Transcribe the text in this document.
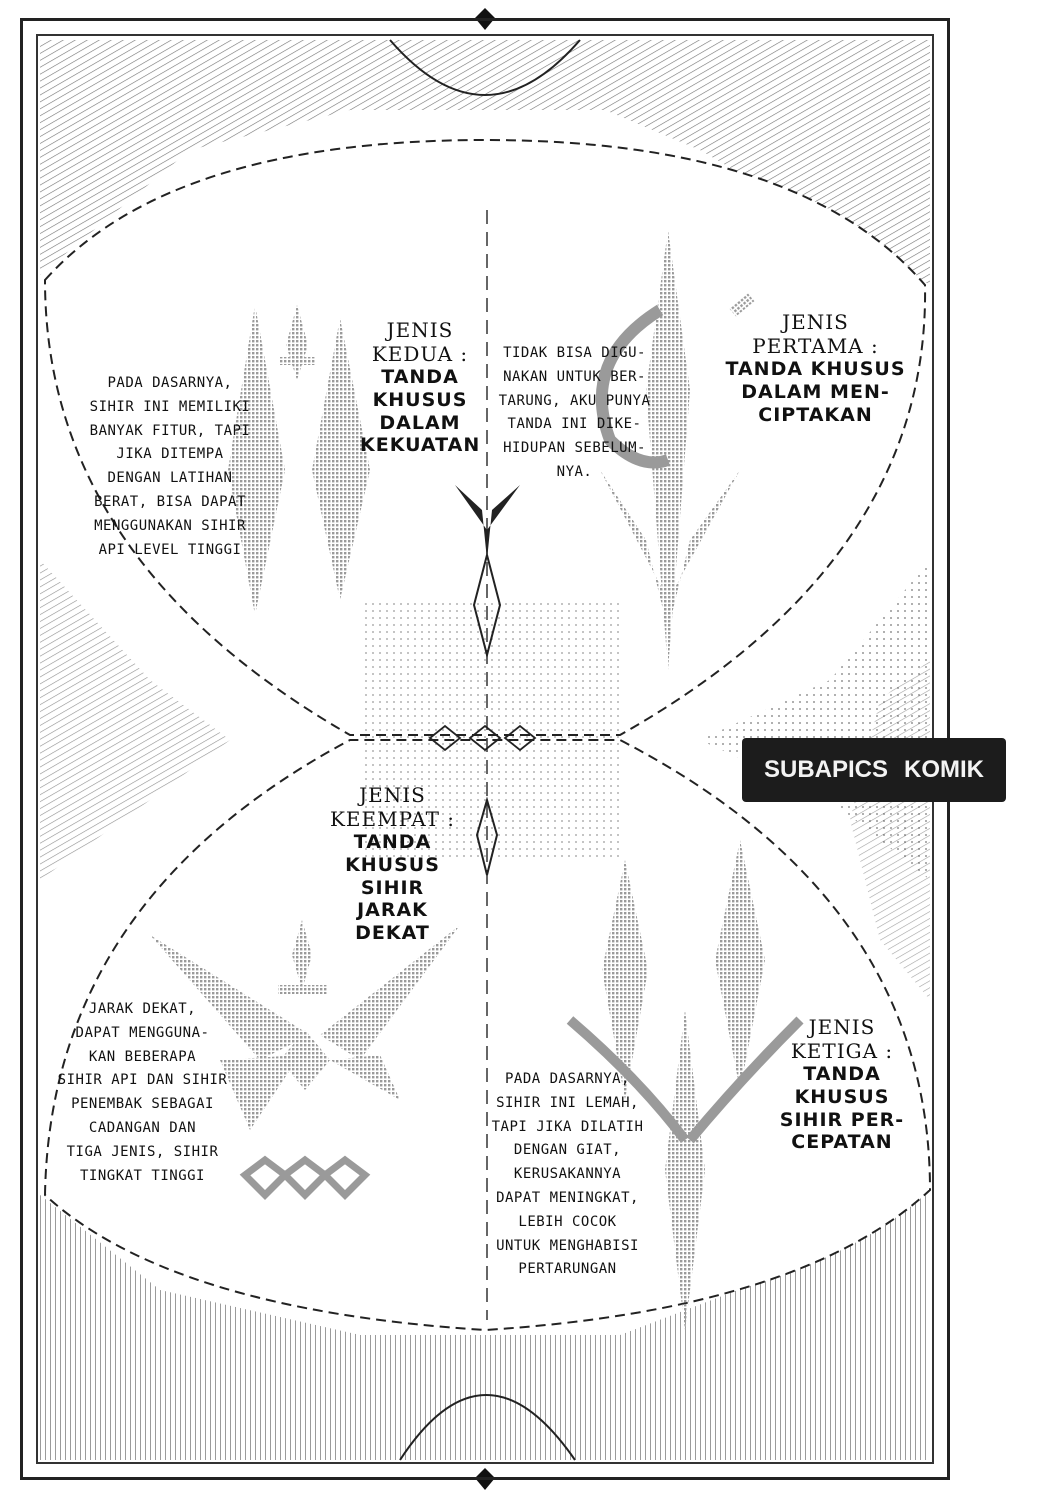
JENIS
KEDUA :
TANDA
KHUSUS
DALAM
KEKUATAN
PADA DASARNYA,
SIHIR INI MEMILIKI
BANYAK FITUR, TAPI
JIKA DITEMPA
DENGAN LATIHAN
BERAT, BISA DAPAT
MENGGUNAKAN SIHIR
API LEVEL TINGGI
TIDAK BISA DIGU-
NAKAN UNTUK BER-
TARUNG, AKU PUNYA
TANDA INI DIKE-
HIDUPAN SEBELUM-
NYA.
JENIS
PERTAMA :
TANDA KHUSUS
DALAM MEN-
CIPTAKAN
JENIS
KEEMPAT :
TANDA
KHUSUS
SIHIR
JARAK
DEKAT
JARAK DEKAT,
DAPAT MENGGUNA-
KAN BEBERAPA
SIHIR API DAN SIHIR
PENEMBAK SEBAGAI
CADANGAN DAN
TIGA JENIS, SIHIR
TINGKAT TINGGI
PADA DASARNYA,
SIHIR INI LEMAH,
TAPI JIKA DILATIH
DENGAN GIAT,
KERUSAKANNYA
DAPAT MENINGKAT,
LEBIH COCOK
UNTUK MENGHABISI
PERTARUNGAN
JENIS
KETIGA :
TANDA
KHUSUS
SIHIR PER-
CEPATAN
SUBAPICS KOMIK
